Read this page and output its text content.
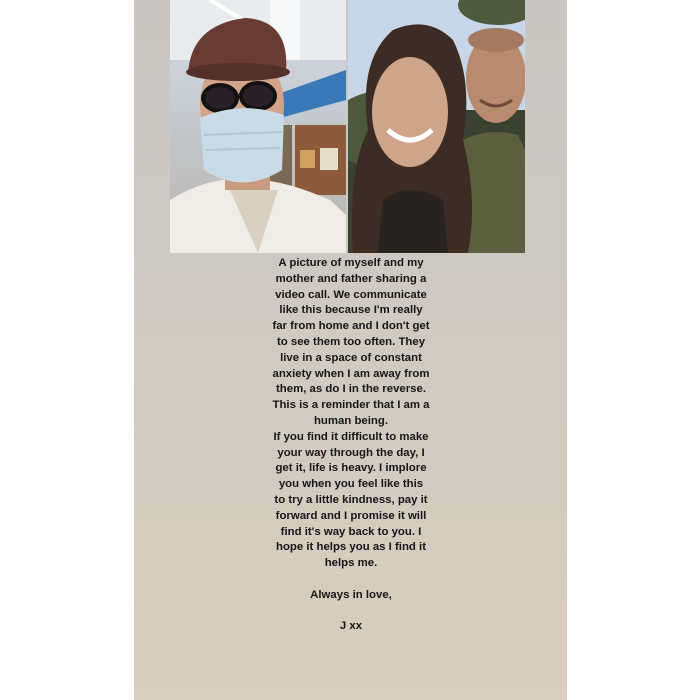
A picture of myself and my mother and father sharing a video call. We communicate like this because I'm really far from home and I don't get to see them too often. They live in a space of constant anxiety when I am away from them, as do I in the reverse.

This is a reminder that I am a human being.

If you find it difficult to make your way through the day, I get it, life is heavy. I implore you when you feel like this to try a little kindness, pay it forward and I promise it will find it's way back to you. I hope it helps you as I find it helps me.

Always in love,

J xx
